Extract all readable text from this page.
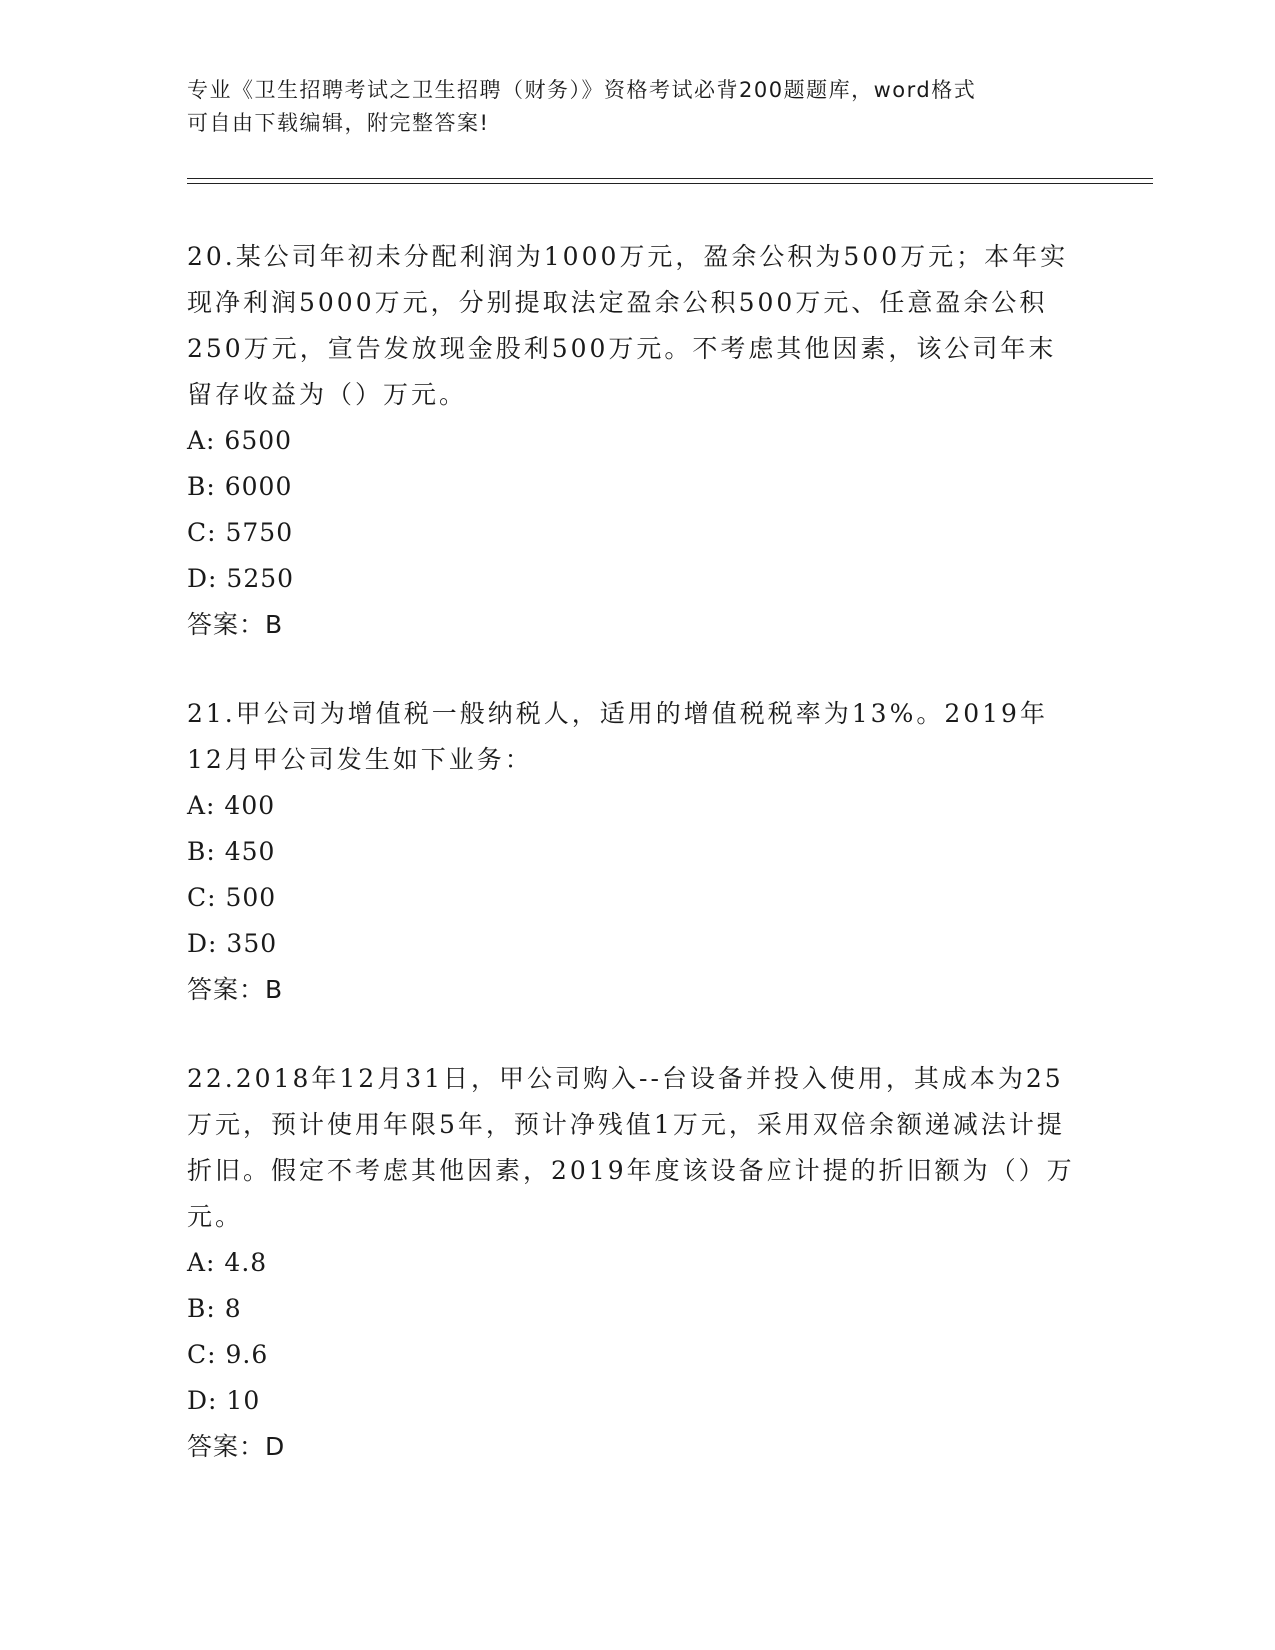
专业《卫生招聘考试之卫生招聘（财务）》资格考试必背200题题库，word格式
可自由下载编辑，附完整答案!

20.某公司年初未分配利润为1000万元，盈余公积为500万元；本年实现净利润5000万元，分别提取法定盈余公积500万元、任意盈余公积250万元，宣告发放现金股利500万元。不考虑其他因素，该公司年末留存收益为（）万元。

A: 6500

B: 6000

C: 5750

D: 5250

答案：B

21.甲公司为增值税一般纳税人，适用的增值税税率为13%。2019年12月甲公司发生如下业务：

A: 400

B: 450

C: 500

D: 350

答案：B

22.2018年12月31日，甲公司购入--台设备并投入使用，其成本为25万元，预计使用年限5年，预计净残值1万元，采用双倍余额递减法计提折旧。假定不考虑其他因素，2019年度该设备应计提的折旧额为（）万元。

A: 4.8

B: 8

C: 9.6

D: 10

答案：D
